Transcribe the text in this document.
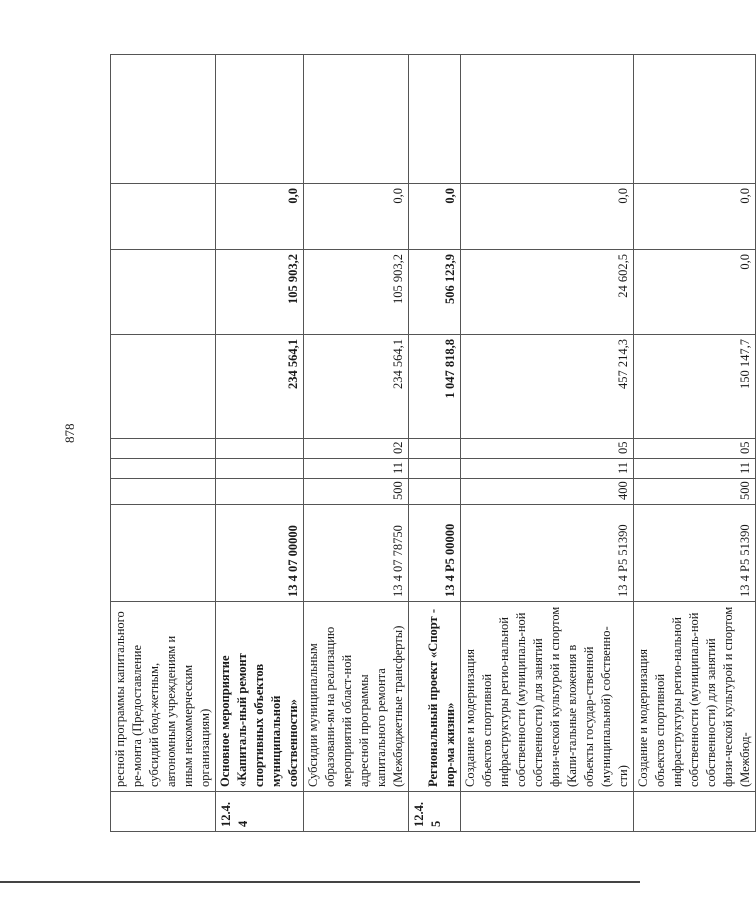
878
	ресной программы капитального ре-монта (Предоставление субсидий бюд-жетным, автономным учреждениям и иным некоммерческим организациям)								
12.4.4	Основное мероприятие «Капиталь-ный ремонт спортивных объектов муниципальной собственности»	13 4 07 00000				234 564,1	105 903,2	0,0	
	Субсидии муниципальным образовани-ям на реализацию мероприятий област-ной адресной программы капитального ремонта (Межбюджетные трансферты)	13 4 07 78750	500	11	02	234 564,1	105 903,2	0,0	
12.4.5	Региональный проект «Спорт - нор-ма жизни»	13 4 P5 00000				1 047 818,8	506 123,9	0,0	
	Создание и модернизация объектов спортивной инфраструктуры регио-нальной собственности (муниципаль-ной собственности) для занятий физи-ческой культурой и спортом (Капи-тальные вложения в объекты государ-ственной (муниципальной) собственно-сти)	13 4 P5 51390	400	11	05	457 214,3	24 602,5	0,0	
	Создание и модернизация объектов спортивной инфраструктуры регио-нальной собственности (муниципаль-ной собственности) для занятий физи-ческой культурой и спортом (Межбюд-	13 4 P5 51390	500	11	05	150 147,7	0,0	0,0	
